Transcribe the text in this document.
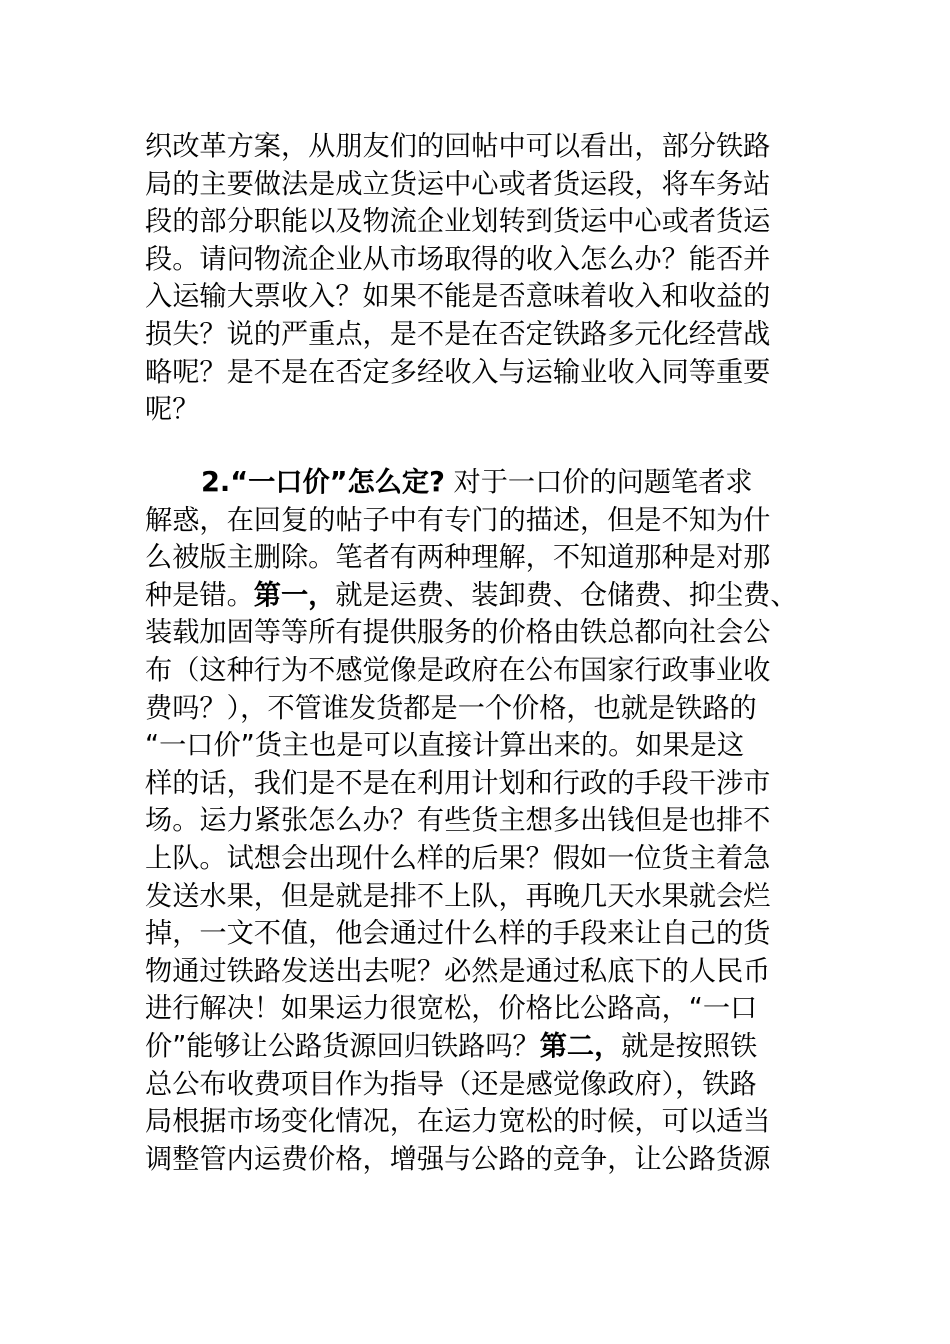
织改革方案，从朋友们的回帖中可以看出，部分铁路
局的主要做法是成立货运中心或者货运段，将车务站
段的部分职能以及物流企业划转到货运中心或者货运
段。请问物流企业从市场取得的收入怎么办？能否并
入运输大票收入？如果不能是否意味着收入和收益的
损失？说的严重点，是不是在否定铁路多元化经营战
略呢？是不是在否定多经收入与运输业收入同等重要
呢？
2.“一口价”怎么定? 对于一口价的问题笔者求
解惑，在回复的帖子中有专门的描述，但是不知为什
么被版主删除。笔者有两种理解，不知道那种是对那
种是错。第一，就是运费、装卸费、仓储费、抑尘费、
装载加固等等所有提供服务的价格由铁总都向社会公
布（这种行为不感觉像是政府在公布国家行政事业收
费吗？），不管谁发货都是一个价格，也就是铁路的
“一口价”货主也是可以直接计算出来的。如果是这
样的话，我们是不是在利用计划和行政的手段干涉市
场。运力紧张怎么办？有些货主想多出钱但是也排不
上队。试想会出现什么样的后果？假如一位货主着急
发送水果，但是就是排不上队，再晚几天水果就会烂
掉，一文不值，他会通过什么样的手段来让自己的货
物通过铁路发送出去呢？必然是通过私底下的人民币
进行解决！如果运力很宽松，价格比公路高，“一口
价”能够让公路货源回归铁路吗？第二，就是按照铁
总公布收费项目作为指导（还是感觉像政府），铁路
局根据市场变化情况，在运力宽松的时候，可以适当
调整管内运费价格，增强与公路的竞争，让公路货源
